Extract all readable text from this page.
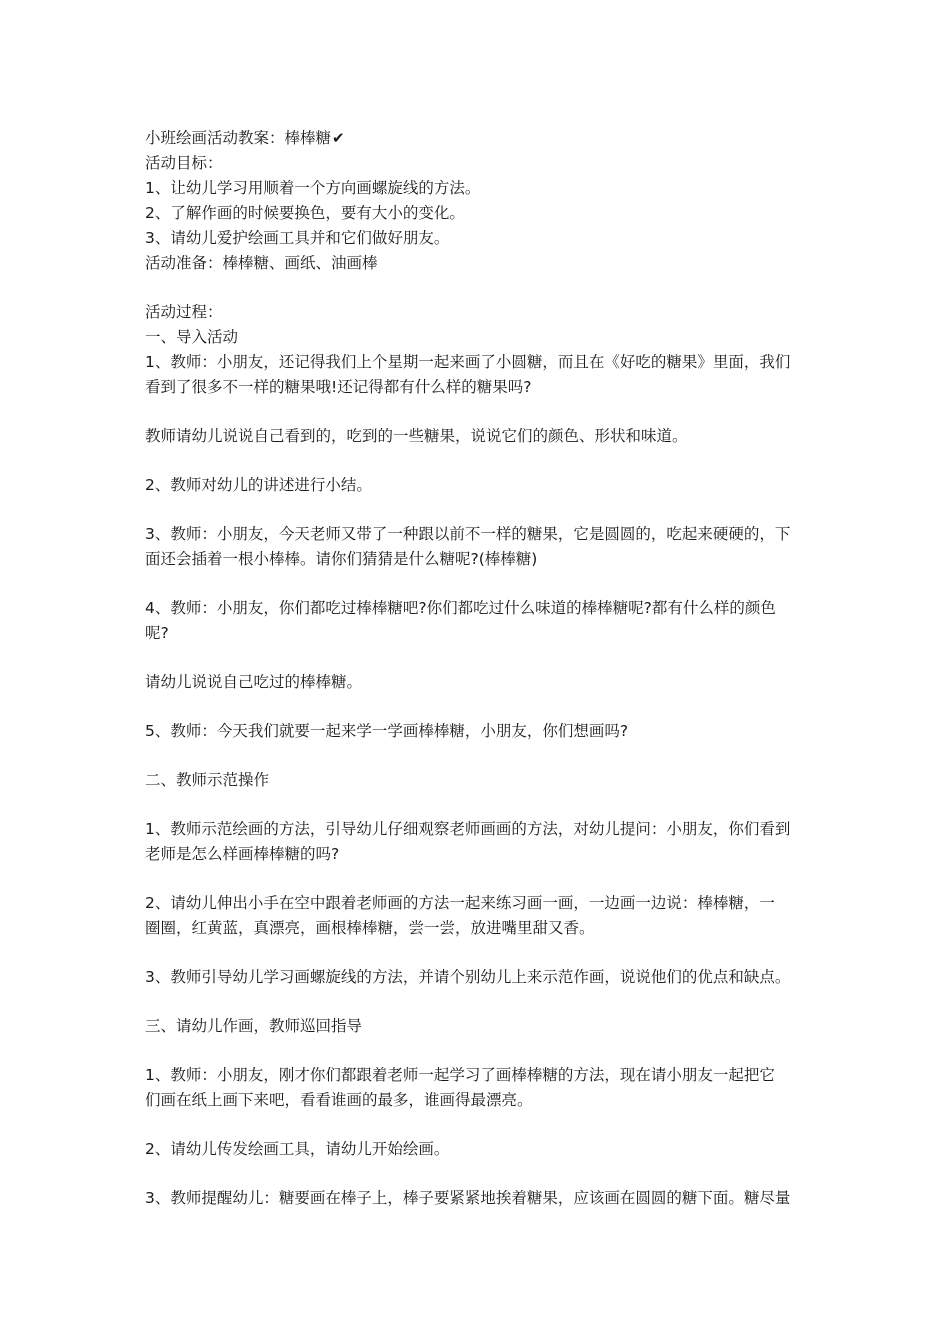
小班绘画活动教案：棒棒糖✔
活动目标：
1、让幼儿学习用顺着一个方向画螺旋线的方法。
2、了解作画的时候要换色，要有大小的变化。
3、请幼儿爱护绘画工具并和它们做好朋友。
活动准备：棒棒糖、画纸、油画棒
活动过程：
一、导入活动
1、教师：小朋友，还记得我们上个星期一起来画了小圆糖，而且在《好吃的糖果》里面，我们
看到了很多不一样的糖果哦!还记得都有什么样的糖果吗?
教师请幼儿说说自己看到的，吃到的一些糖果，说说它们的颜色、形状和味道。
2、教师对幼儿的讲述进行小结。
3、教师：小朋友，今天老师又带了一种跟以前不一样的糖果，它是圆圆的，吃起来硬硬的，下
面还会插着一根小棒棒。请你们猜猜是什么糖呢?(棒棒糖)
4、教师：小朋友，你们都吃过棒棒糖吧?你们都吃过什么味道的棒棒糖呢?都有什么样的颜色
呢?
请幼儿说说自己吃过的棒棒糖。
5、教师：今天我们就要一起来学一学画棒棒糖，小朋友，你们想画吗?
二、教师示范操作
1、教师示范绘画的方法，引导幼儿仔细观察老师画画的方法，对幼儿提问：小朋友，你们看到
老师是怎么样画棒棒糖的吗?
2、请幼儿伸出小手在空中跟着老师画的方法一起来练习画一画，一边画一边说：棒棒糖，一
圈圈，红黄蓝，真漂亮，画根棒棒糖，尝一尝，放进嘴里甜又香。
3、教师引导幼儿学习画螺旋线的方法，并请个别幼儿上来示范作画，说说他们的优点和缺点。
三、请幼儿作画，教师巡回指导
1、教师：小朋友，刚才你们都跟着老师一起学习了画棒棒糖的方法，现在请小朋友一起把它
们画在纸上画下来吧，看看谁画的最多，谁画得最漂亮。
2、请幼儿传发绘画工具，请幼儿开始绘画。
3、教师提醒幼儿：糖要画在棒子上，棒子要紧紧地挨着糖果，应该画在圆圆的糖下面。糖尽量
